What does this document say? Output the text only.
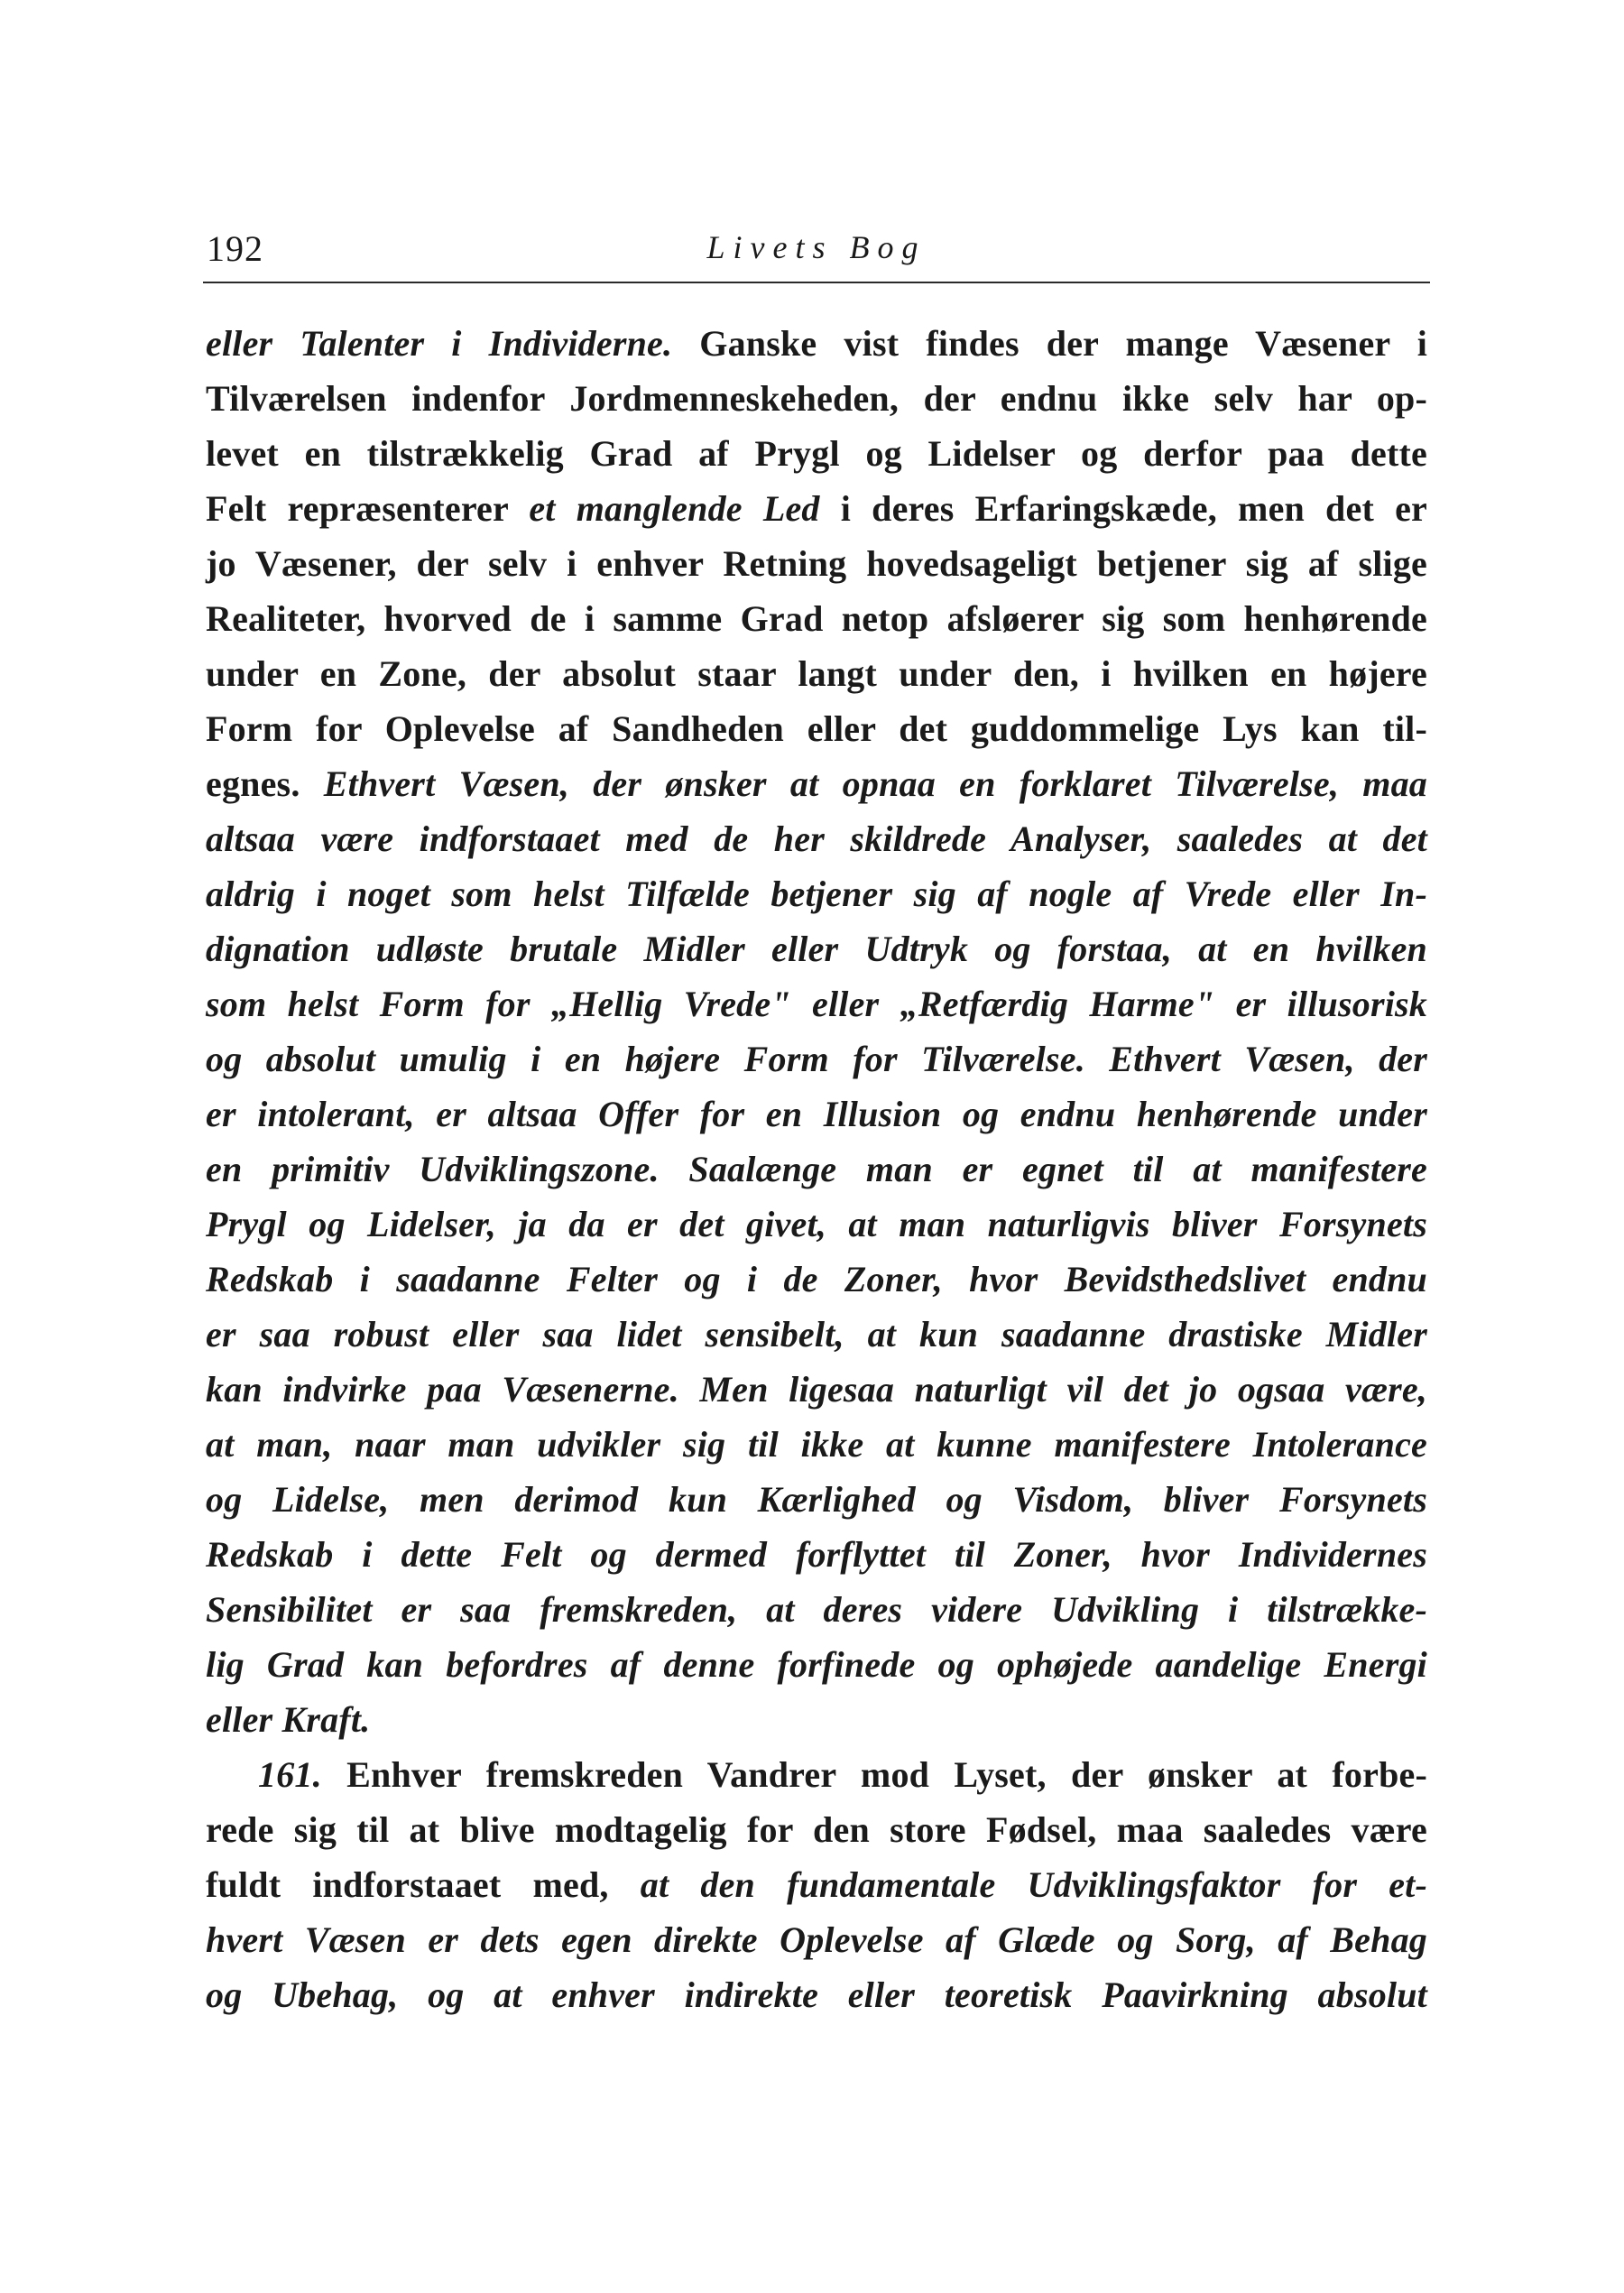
192	Livets Bog
eller Talenter i Individerne. Ganske vist findes der mange Væsener i
Tilværelsen indenfor Jordmenneskeheden, der endnu ikke selv har op-
levet en tilstrækkelig Grad af Prygl og Lidelser og derfor paa dette
Felt repræsenterer et manglende Led i deres Erfaringskæde, men det er
jo Væsener, der selv i enhver Retning hovedsageligt betjener sig af slige
Realiteter, hvorved de i samme Grad netop afsløerer sig som henhørende
under en Zone, der absolut staar langt under den, i hvilken en højere
Form for Oplevelse af Sandheden eller det guddommelige Lys kan til-
egnes. Ethvert Væsen, der ønsker at opnaa en forklaret Tilværelse, maa
altsaa være indforstaaet med de her skildrede Analyser, saaledes at det
aldrig i noget som helst Tilfælde betjener sig af nogle af Vrede eller In-
dignation udløste brutale Midler eller Udtryk og forstaa, at en hvilken
som helst Form for „Hellig Vrede" eller „Retfærdig Harme" er illusorisk
og absolut umulig i en højere Form for Tilværelse. Ethvert Væsen, der
er intolerant, er altsaa Offer for en Illusion og endnu henhørende under
en primitiv Udviklingszone. Saalænge man er egnet til at manifestere
Prygl og Lidelser, ja da er det givet, at man naturligvis bliver Forsynets
Redskab i saadanne Felter og i de Zoner, hvor Bevidsthedslivet endnu
er saa robust eller saa lidet sensibelt, at kun saadanne drastiske Midler
kan indvirke paa Væsenerne. Men ligesaa naturligt vil det jo ogsaa være,
at man, naar man udvikler sig til ikke at kunne manifestere Intolerance
og Lidelse, men derimod kun Kærlighed og Visdom, bliver Forsynets
Redskab i dette Felt og dermed forflyttet til Zoner, hvor Individernes
Sensibilitet er saa fremskreden, at deres videre Udvikling i tilstrække-
lig Grad kan befordres af denne forfinede og ophøjede aandelige Energi
eller Kraft.
161. Enhver fremskreden Vandrer mod Lyset, der ønsker at forbe-
rede sig til at blive modtagelig for den store Fødsel, maa saaledes være
fuldt indforstaaet med, at den fundamentale Udviklingsfaktor for et-
hvert Væsen er dets egen direkte Oplevelse af Glæde og Sorg, af Behag
og Ubehag, og at enhver indirekte eller teoretisk Paavirkning absolut
